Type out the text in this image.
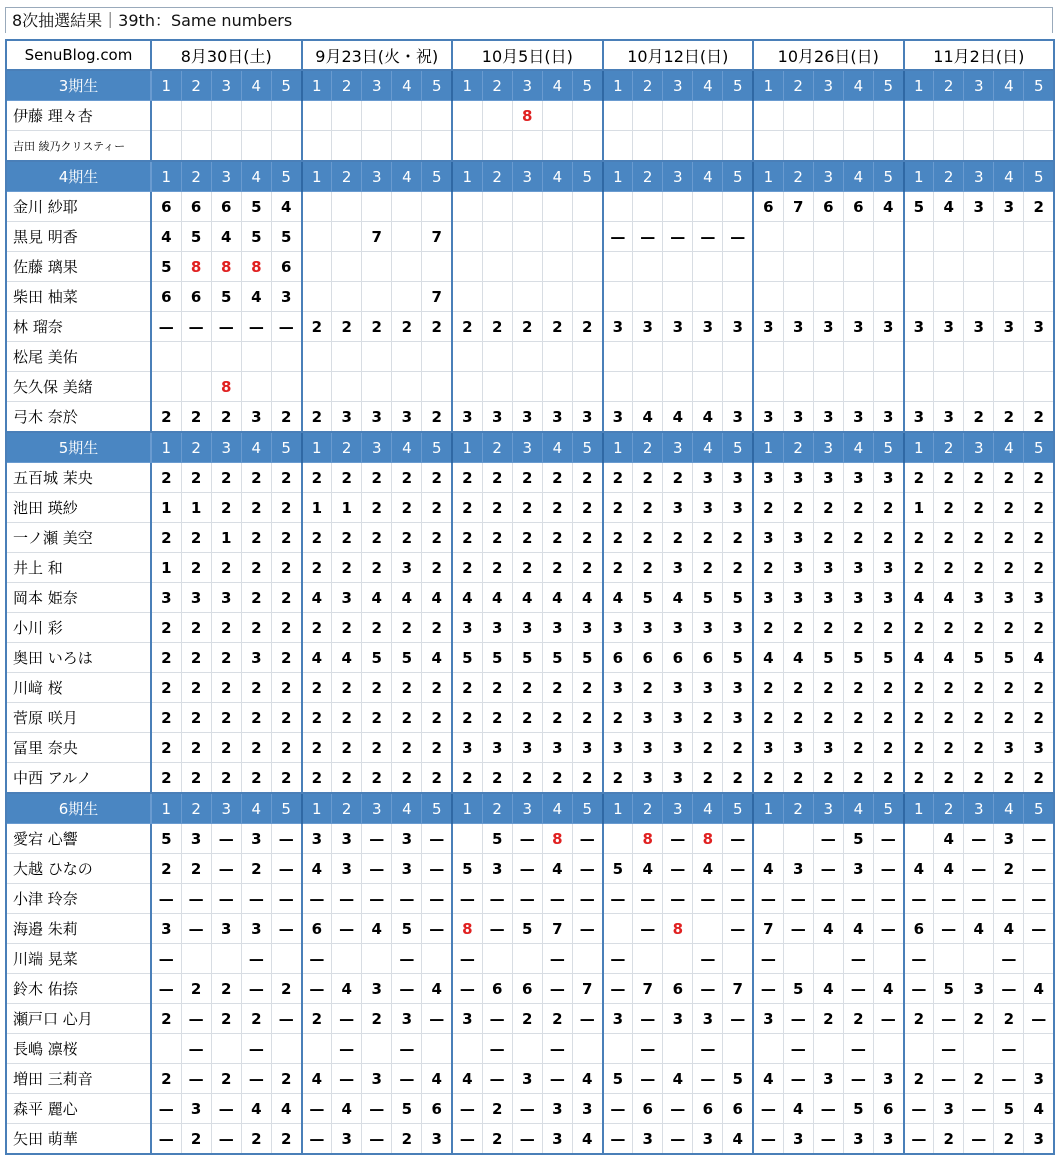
8次抽選結果｜39th：Same numbers
SenuBlog.com	8月30日(土)					9月23日(火・祝)					10月5日(日)					10月12日(日)					10月26日(日)					11月2日(日)				
3期生	1	2	3	4	5	1	2	3	4	5	1	2	3	4	5	1	2	3	4	5	1	2	3	4	5	1	2	3	4	5
伊藤 理々杏													8																	
吉田 綾乃クリスティー																														
4期生	1	2	3	4	5	1	2	3	4	5	1	2	3	4	5	1	2	3	4	5	1	2	3	4	5	1	2	3	4	5
金川 紗耶	6	6	6	5	4																6	7	6	6	4	5	4	3	3	2
黒見 明香	4	5	4	5	5			7		7						—	—	—	—	—										
佐藤 璃果	5	8	8	8	6																									
柴田 柚菜	6	6	5	4	3					7																				
林 瑠奈	—	—	—	—	—	2	2	2	2	2	2	2	2	2	2	3	3	3	3	3	3	3	3	3	3	3	3	3	3	3
松尾 美佑																														
矢久保 美緒			8																											
弓木 奈於	2	2	2	3	2	2	3	3	3	2	3	3	3	3	3	3	4	4	4	3	3	3	3	3	3	3	3	2	2	2
5期生	1	2	3	4	5	1	2	3	4	5	1	2	3	4	5	1	2	3	4	5	1	2	3	4	5	1	2	3	4	5
五百城 茉央	2	2	2	2	2	2	2	2	2	2	2	2	2	2	2	2	2	2	3	3	3	3	3	3	3	2	2	2	2	2
池田 瑛紗	1	1	2	2	2	1	1	2	2	2	2	2	2	2	2	2	2	3	3	3	2	2	2	2	2	1	2	2	2	2
一ノ瀬 美空	2	2	1	2	2	2	2	2	2	2	2	2	2	2	2	2	2	2	2	2	3	3	2	2	2	2	2	2	2	2
井上 和	1	2	2	2	2	2	2	2	3	2	2	2	2	2	2	2	2	3	2	2	2	3	3	3	3	2	2	2	2	2
岡本 姫奈	3	3	3	2	2	4	3	4	4	4	4	4	4	4	4	4	5	4	5	5	3	3	3	3	3	4	4	3	3	3
小川 彩	2	2	2	2	2	2	2	2	2	2	3	3	3	3	3	3	3	3	3	3	2	2	2	2	2	2	2	2	2	2
奥田 いろは	2	2	2	3	2	4	4	5	5	4	5	5	5	5	5	6	6	6	6	5	4	4	5	5	5	4	4	5	5	4
川﨑 桜	2	2	2	2	2	2	2	2	2	2	2	2	2	2	2	3	2	3	3	3	2	2	2	2	2	2	2	2	2	2
菅原 咲月	2	2	2	2	2	2	2	2	2	2	2	2	2	2	2	2	3	3	2	3	2	2	2	2	2	2	2	2	2	2
冨里 奈央	2	2	2	2	2	2	2	2	2	2	3	3	3	3	3	3	3	3	2	2	3	3	3	2	2	2	2	2	3	3
中西 アルノ	2	2	2	2	2	2	2	2	2	2	2	2	2	2	2	2	3	3	2	2	2	2	2	2	2	2	2	2	2	2
6期生	1	2	3	4	5	1	2	3	4	5	1	2	3	4	5	1	2	3	4	5	1	2	3	4	5	1	2	3	4	5
愛宕 心響	5	3	—	3	—	3	3	—	3	—		5	—	8	—		8	—	8	—			—	5	—		4	—	3	—
大越 ひなの	2	2	—	2	—	4	3	—	3	—	5	3	—	4	—	5	4	—	4	—	4	3	—	3	—	4	4	—	2	—
小津 玲奈	—	—	—	—	—	—	—	—	—	—	—	—	—	—	—	—	—	—	—	—	—	—	—	—	—	—	—	—	—	—
海邉 朱莉	3	—	3	3	—	6	—	4	5	—	8	—	5	7	—		—	8		—	7	—	4	4	—	6	—	4	4	—
川端 晃菜	—			—		—			—		—			—		—			—		—			—		—			—	
鈴木 佑捺	—	2	2	—	2	—	4	3	—	4	—	6	6	—	7	—	7	6	—	7	—	5	4	—	4	—	5	3	—	4
瀬戸口 心月	2	—	2	2	—	2	—	2	3	—	3	—	2	2	—	3	—	3	3	—	3	—	2	2	—	2	—	2	2	—
長嶋 凛桜		—		—			—		—			—		—			—		—			—		—			—		—	
増田 三莉音	2	—	2	—	2	4	—	3	—	4	4	—	3	—	4	5	—	4	—	5	4	—	3	—	3	2	—	2	—	3
森平 麗心	—	3	—	4	4	—	4	—	5	6	—	2	—	3	3	—	6	—	6	6	—	4	—	5	6	—	3	—	5	4
矢田 萌華	—	2	—	2	2	—	3	—	2	3	—	2	—	3	4	—	3	—	3	4	—	3	—	3	3	—	2	—	2	3
